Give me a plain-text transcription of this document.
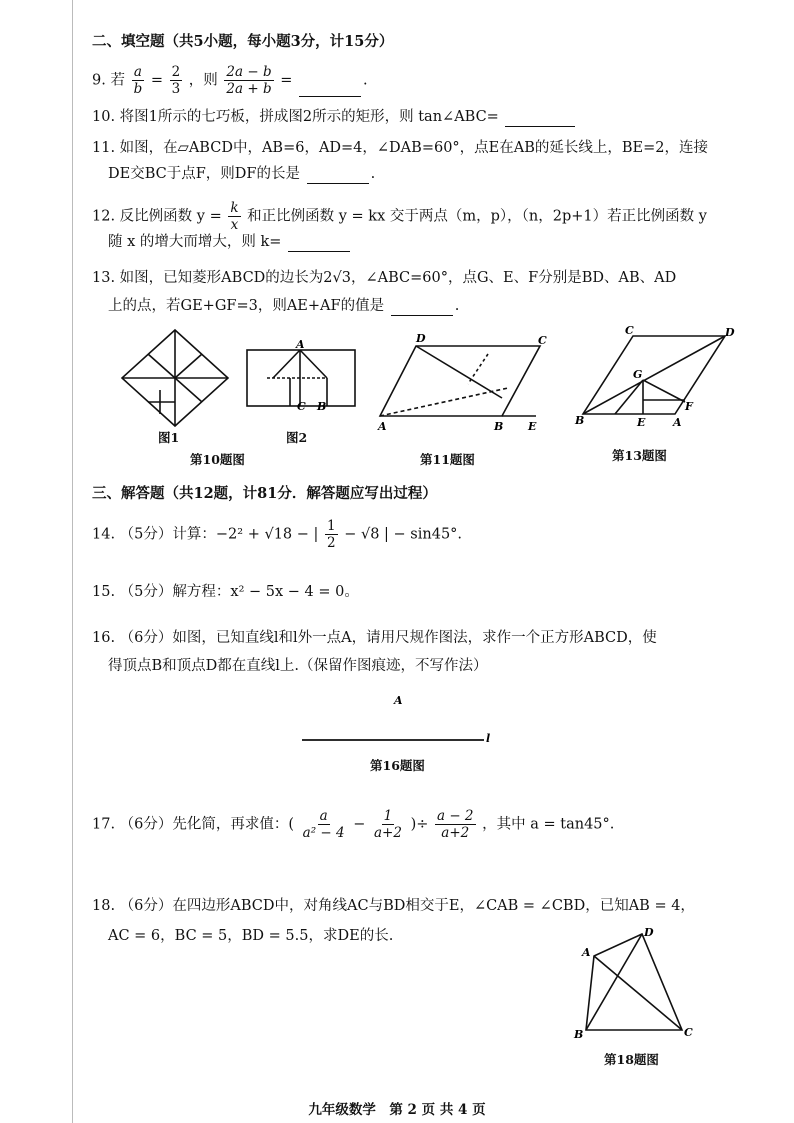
二、填空题（共5小题，每小题3分，计15分）
9. 若 $\frac{a}{b} = \frac{2}{3}$ ，则 $\frac{2a - b}{2a + b}$ =	.
10. 将图1所示的七巧板，拼成图2所示的矩形，则 tan∠ABC=
11. 如图，在▱ABCD中，AB=6，AD=4，∠DAB=60°，点E在AB的延长线上，BE=2，连接
DE交BC于点F，则DF的长是	.
12. 反比例函数 $y = \frac{k}{x}$ 和正比例函数 y = kx 交于两点（m，p），（n，2p+1）若正比例函数 y
随 x 的增大而增大，则 k=
13. 如图，已知菱形ABCD的边长为2√3，∠ABC=60°，点G、E、F分别是BD、AB、AD
上的点，若GE+GF=3，则AE+AF的值是	.
图1
A
C B
图2
第10题图
D	C
A	B E
第11题图
C	D
G
B	E	A
F
第13题图
三、解答题（共12题，计81分．解答题应写出过程）
14. （5分）计算：−2² + √18 − | $\frac{1}{2} - √8$ | − sin45°.
15. （5分）解方程：x² − 5x − 4 = 0。
16. （6分）如图，已知直线l和l外一点A，请用尺规作图法，求作一个正方形ABCD，使
得顶点B和顶点D都在直线l上.（保留作图痕迹，不写作法）
A
l
第16题图
17. （6分）先化简，再求值：( $\frac{a}{\text{a² − 4}} - \frac{1}{a+2}$ )÷ $\frac{a - 2}{a+2}$ ，其中 a = tan45°.
18. （6分）在四边形ABCD中，对角线AC与BD相交于E，∠CAB = ∠CBD，已知AB = 4，
AC = 6，BC = 5，BD = 5.5，求DE的长.
A
D
B	C
第18题图
九年级数学　第 2 页 共 4 页
